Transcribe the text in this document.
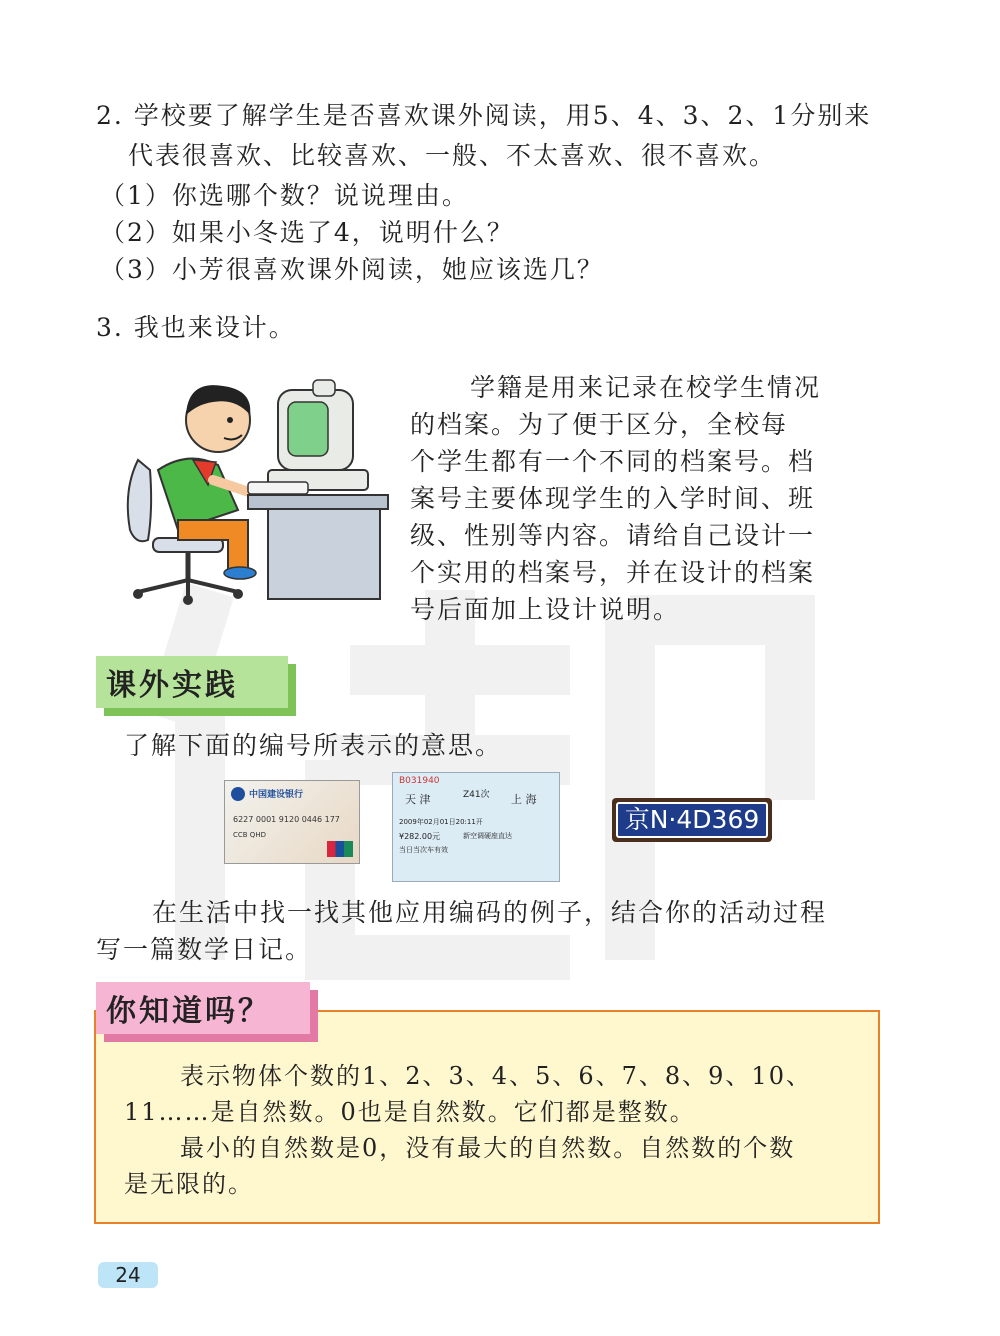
2. 学校要了解学生是否喜欢课外阅读，用5、4、3、2、1分别来
代表很喜欢、比较喜欢、一般、不太喜欢、很不喜欢。
（1）你选哪个数？说说理由。
（2）如果小冬选了4，说明什么？
（3）小芳很喜欢课外阅读，她应该选几？
3. 我也来设计。
学籍是用来记录在校学生情况
的档案。为了便于区分，全校每
个学生都有一个不同的档案号。档
案号主要体现学生的入学时间、班
级、性别等内容。请给自己设计一
个实用的档案号，并在设计的档案
号后面加上设计说明。
课外实践
了解下面的编号所表示的意思。
中国建设银行
6227 0001 9120 0446 177
CCB QHD
B031940
天 津	Z41次 上 海
2009年02月01日20:11开
¥282.00元	新空调硬座直达
当日当次车有效
京N·4D369
在生活中找一找其他应用编码的例子，结合你的活动过程
写一篇数学日记。
表示物体个数的1、2、3、4、5、6、7、8、9、10、
11……是自然数。0也是自然数。它们都是整数。
最小的自然数是0，没有最大的自然数。自然数的个数
是无限的。
你知道吗？
24
